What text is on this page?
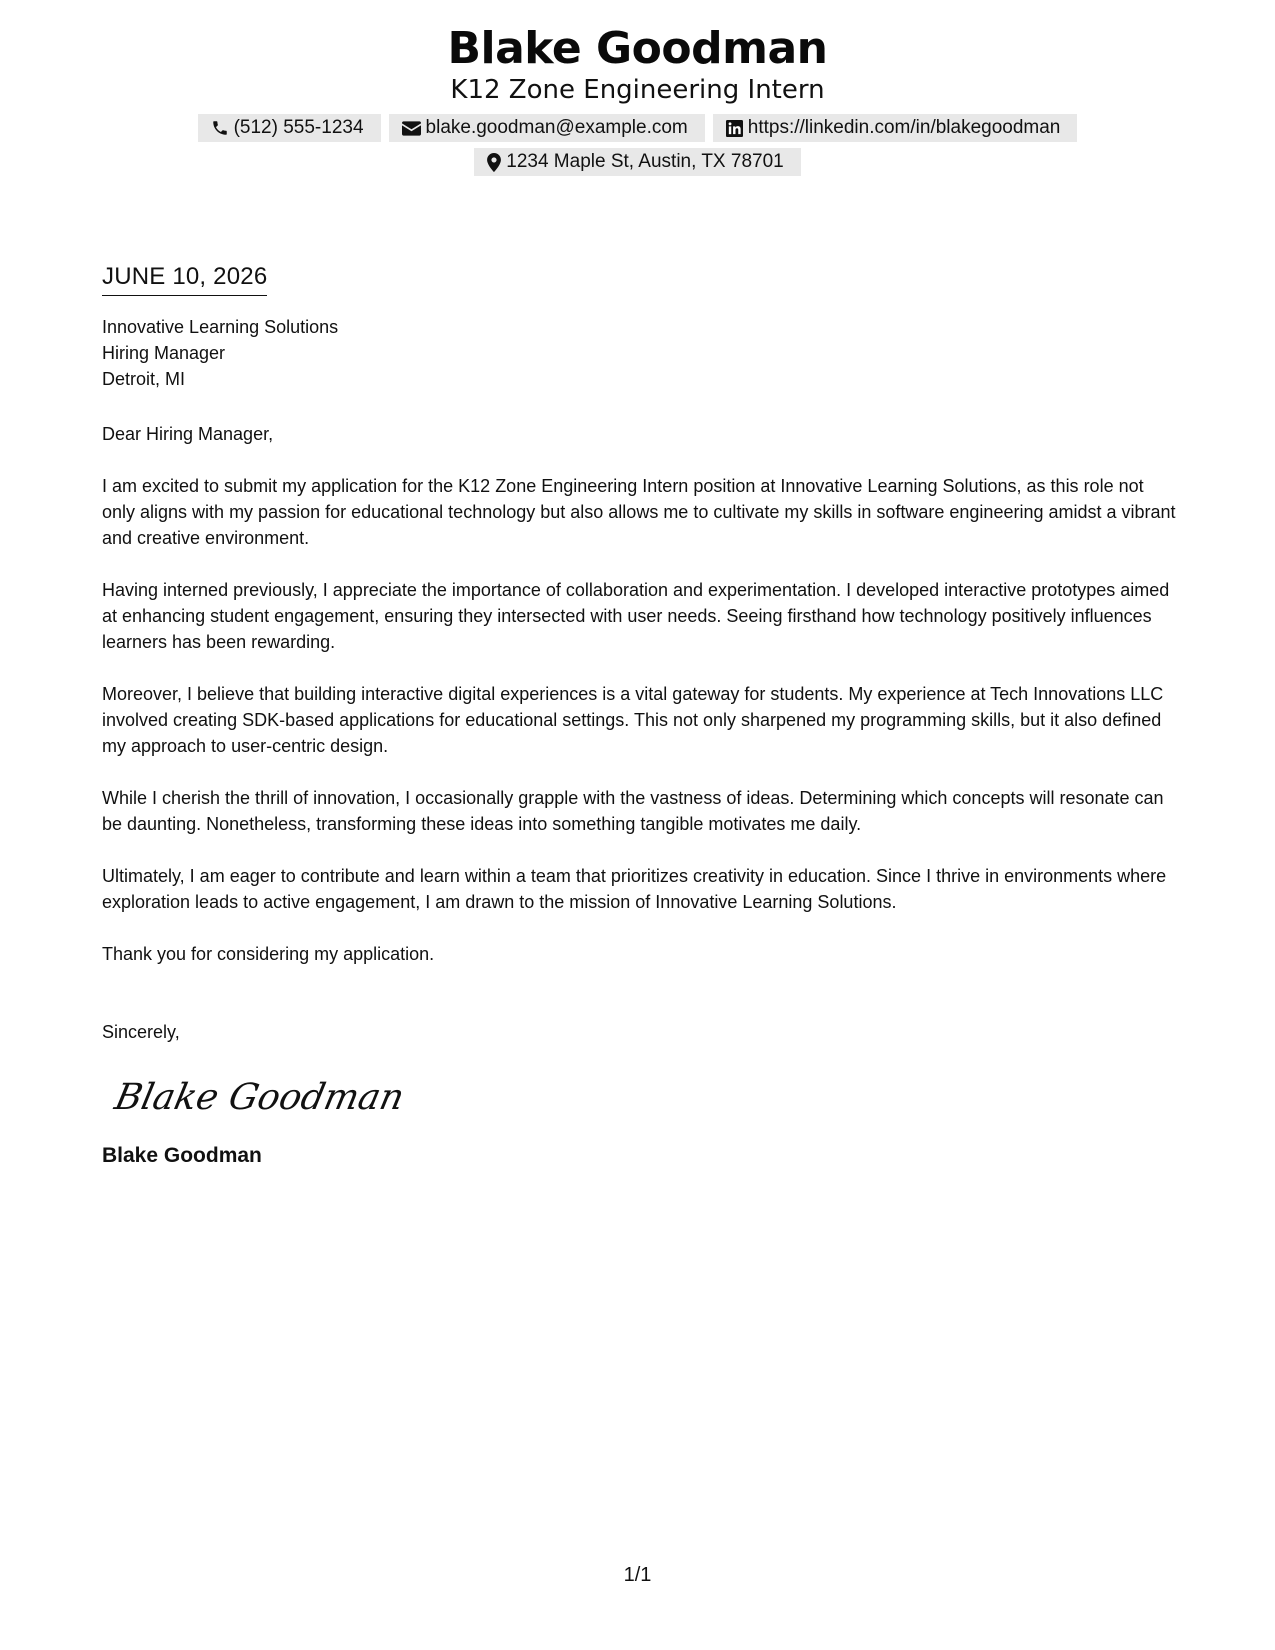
Blake Goodman
K12 Zone Engineering Intern
(512) 555-1234	blake.goodman@example.com	https://linkedin.com/in/blakegoodman
1234 Maple St, Austin, TX 78701
JUNE 10, 2026
Innovative Learning Solutions
Hiring Manager
Detroit, MI
Dear Hiring Manager,
I am excited to submit my application for the K12 Zone Engineering Intern position at Innovative Learning Solutions, as this role not only aligns with my passion for educational technology but also allows me to cultivate my skills in software engineering amidst a vibrant and creative environment.
Having interned previously, I appreciate the importance of collaboration and experimentation. I developed interactive prototypes aimed at enhancing student engagement, ensuring they intersected with user needs. Seeing firsthand how technology positively influences learners has been rewarding.
Moreover, I believe that building interactive digital experiences is a vital gateway for students. My experience at Tech Innovations LLC involved creating SDK-based applications for educational settings. This not only sharpened my programming skills, but it also defined my approach to user-centric design.
While I cherish the thrill of innovation, I occasionally grapple with the vastness of ideas. Determining which concepts will resonate can be daunting. Nonetheless, transforming these ideas into something tangible motivates me daily.
Ultimately, I am eager to contribute and learn within a team that prioritizes creativity in education. Since I thrive in environments where exploration leads to active engagement, I am drawn to the mission of Innovative Learning Solutions.
Thank you for considering my application.
Sincerely,
Blake Goodman
Blake Goodman
1/1
